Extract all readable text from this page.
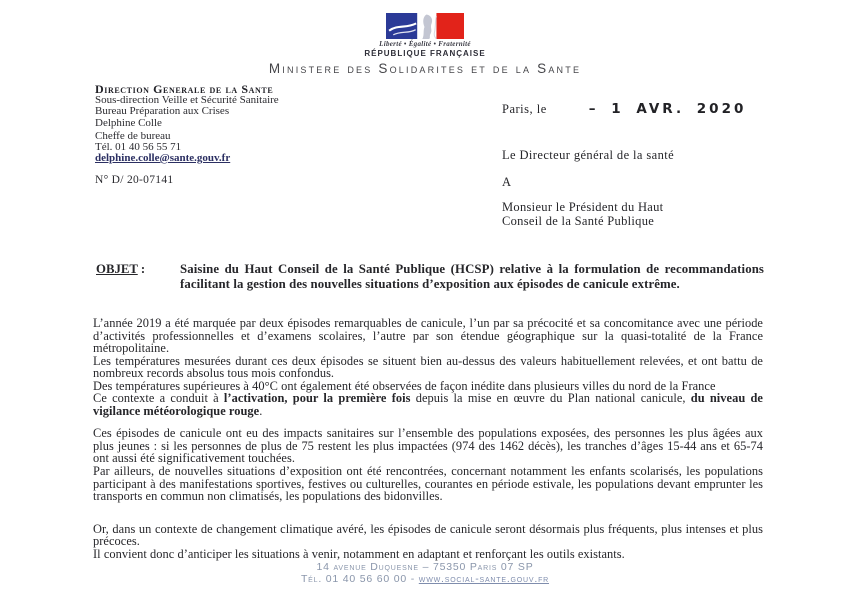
Liberté • Égalité • Fraternité
RÉPUBLIQUE FRANÇAISE
Ministere des Solidarites et de la Sante
Direction Generale de la Sante
Sous-direction Veille et Sécurité Sanitaire
Bureau Préparation aux Crises
Delphine Colle
Cheffe de bureau
Tél. 01 40 56 55 71
delphine.colle@sante.gouv.fr
N° D/ 20-07141
Paris, le	– 1 AVR. 2020
Le Directeur général de la santé
A
Monsieur le Président du Haut
Conseil de la Santé Publique
OBJET :	Saisine du Haut Conseil de la Santé Publique (HCSP) relative à la formulation de recommandations facilitant la gestion des nouvelles situations d’exposition aux épisodes de canicule extrême.

L’année 2019 a été marquée par deux épisodes remarquables de canicule, l’un par sa précocité et sa concomitance avec une période d’activités professionnelles et d’examens scolaires, l’autre par son étendue géographique sur la quasi-totalité de la France métropolitaine.

Les températures mesurées durant ces deux épisodes se situent bien au-dessus des valeurs habituellement relevées, et ont battu de nombreux records absolus tous mois confondus.

Des températures supérieures à 40°C ont également été observées de façon inédite dans plusieurs villes du nord de la France

Ce contexte a conduit à l’activation, pour la première fois depuis la mise en œuvre du Plan national canicule, du niveau de vigilance météorologique rouge.

Ces épisodes de canicule ont eu des impacts sanitaires sur l’ensemble des populations exposées, des personnes les plus âgées aux plus jeunes : si les personnes de plus de 75 restent les plus impactées (974 des 1462 décès), les tranches d’âges 15-44 ans et 65-74 ont aussi été significativement touchées.

Par ailleurs, de nouvelles situations d’exposition ont été rencontrées, concernant notamment les enfants scolarisés, les populations participant à des manifestations sportives, festives ou culturelles, courantes en période estivale, les populations devant emprunter les transports en commun non climatisés, les populations des bidonvilles.

Or, dans un contexte de changement climatique avéré, les épisodes de canicule seront désormais plus fréquents, plus intenses et plus précoces.

Il convient donc d’anticiper les situations à venir, notamment en adaptant et renforçant les outils existants.

14 avenue Duquesne – 75350 Paris 07 SP
Tél. 01 40 56 60 00 - www.social-sante.gouv.fr
